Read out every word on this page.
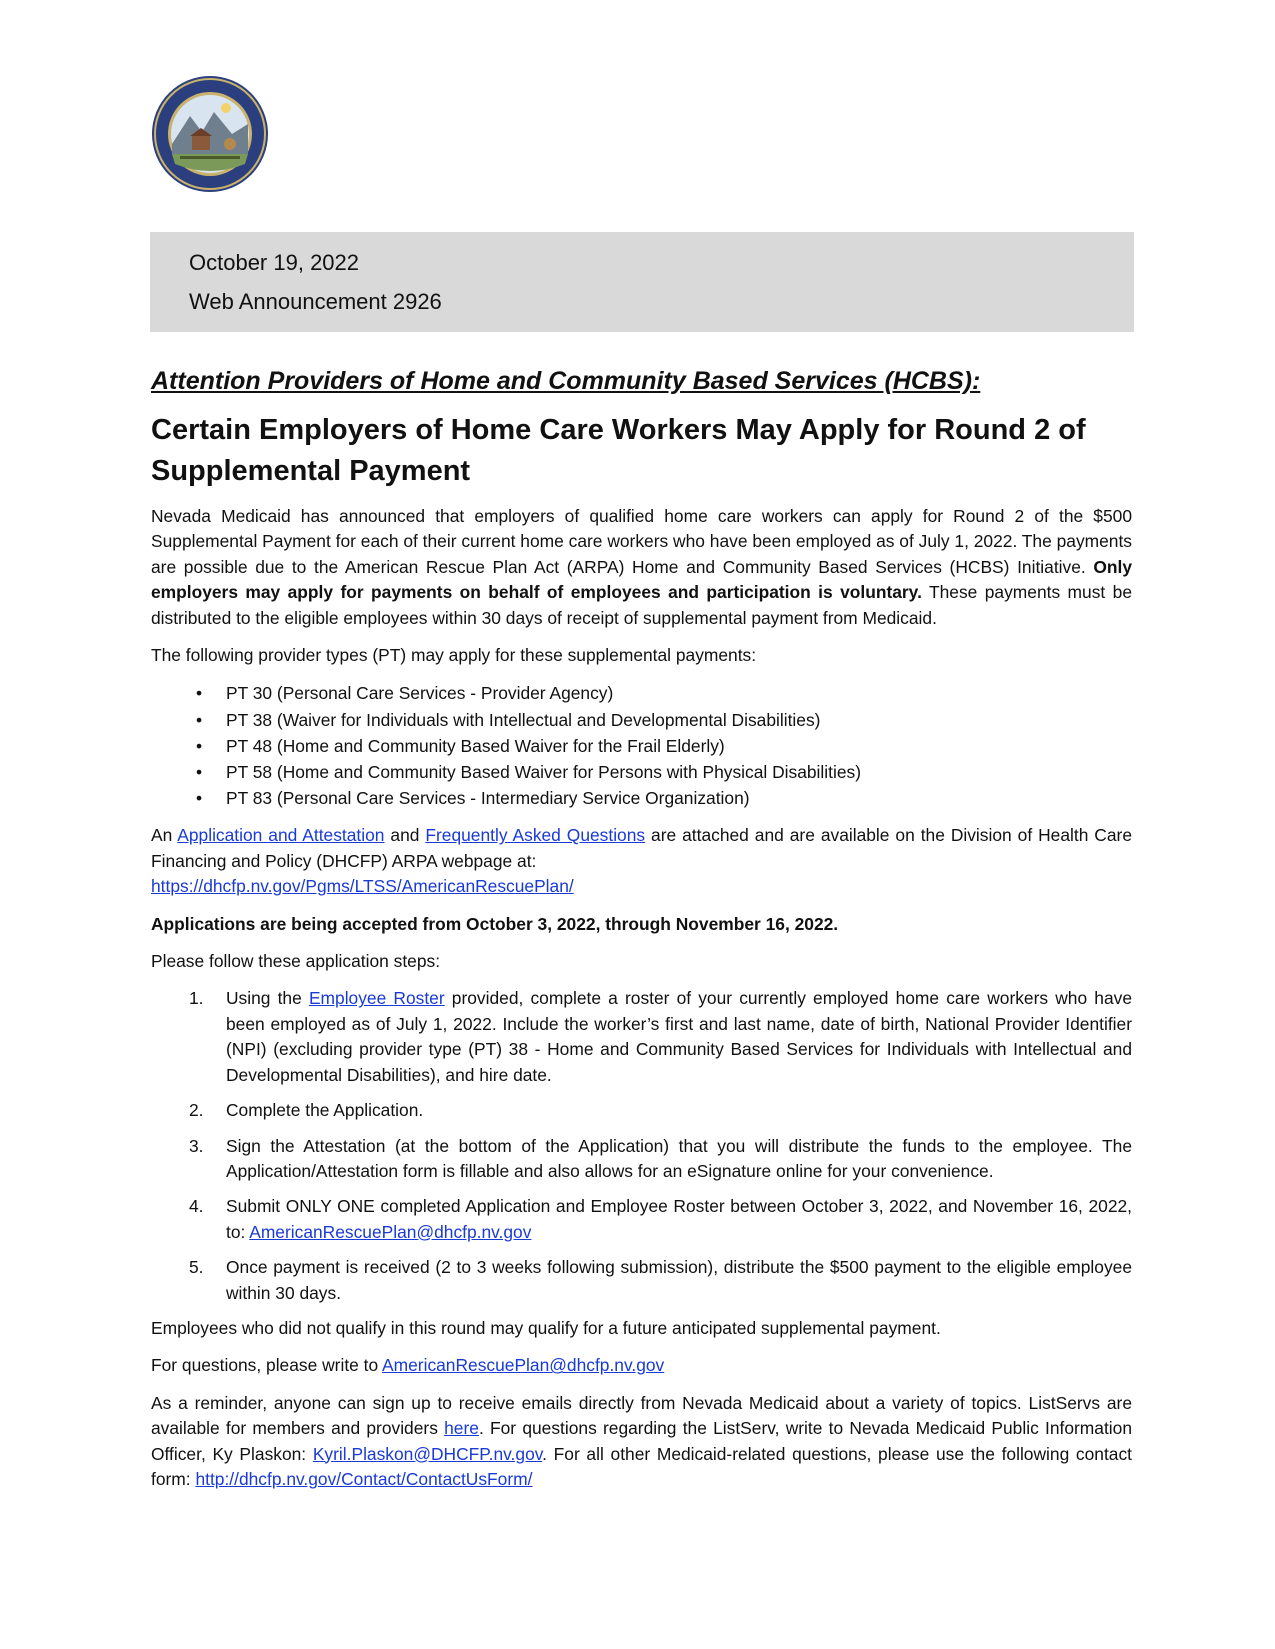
October 19, 2022
Web Announcement 2926
Attention Providers of Home and Community Based Services (HCBS):
Certain Employers of Home Care Workers May Apply for Round 2 of Supplemental Payment

Nevada Medicaid has announced that employers of qualified home care workers can apply for Round 2 of the $500 Supplemental Payment for each of their current home care workers who have been employed as of July 1, 2022. The payments are possible due to the American Rescue Plan Act (ARPA) Home and Community Based Services (HCBS) Initiative. Only employers may apply for payments on behalf of employees and participation is voluntary. These payments must be distributed to the eligible employees within 30 days of receipt of supplemental payment from Medicaid.

The following provider types (PT) may apply for these supplemental payments:

•	PT 30 (Personal Care Services - Provider Agency)
•	PT 38 (Waiver for Individuals with Intellectual and Developmental Disabilities)
•	PT 48 (Home and Community Based Waiver for the Frail Elderly)
•	PT 58 (Home and Community Based Waiver for Persons with Physical Disabilities)
•	PT 83 (Personal Care Services - Intermediary Service Organization)

An Application and Attestation and Frequently Asked Questions are attached and are available on the Division of Health Care Financing and Policy (DHCFP) ARPA webpage at:
https://dhcfp.nv.gov/Pgms/LTSS/AmericanRescuePlan/

Applications are being accepted from October 3, 2022, through November 16, 2022.

Please follow these application steps:

1. Using the Employee Roster provided, complete a roster of your currently employed home care workers who have been employed as of July 1, 2022. Include the worker’s first and last name, date of birth, National Provider Identifier (NPI) (excluding provider type (PT) 38 - Home and Community Based Services for Individuals with Intellectual and Developmental Disabilities), and hire date.
2. Complete the Application.
3. Sign the Attestation (at the bottom of the Application) that you will distribute the funds to the employee. The Application/Attestation form is fillable and also allows for an eSignature online for your convenience.
4. Submit ONLY ONE completed Application and Employee Roster between October 3, 2022, and November 16, 2022, to: AmericanRescuePlan@dhcfp.nv.gov
5. Once payment is received (2 to 3 weeks following submission), distribute the $500 payment to the eligible employee within 30 days.

Employees who did not qualify in this round may qualify for a future anticipated supplemental payment.

For questions, please write to AmericanRescuePlan@dhcfp.nv.gov

As a reminder, anyone can sign up to receive emails directly from Nevada Medicaid about a variety of topics. ListServs are available for members and providers here. For questions regarding the ListServ, write to Nevada Medicaid Public Information Officer, Ky Plaskon: Kyril.Plaskon@DHCFP.nv.gov. For all other Medicaid-related questions, please use the following contact form: http://dhcfp.nv.gov/Contact/ContactUsForm/
